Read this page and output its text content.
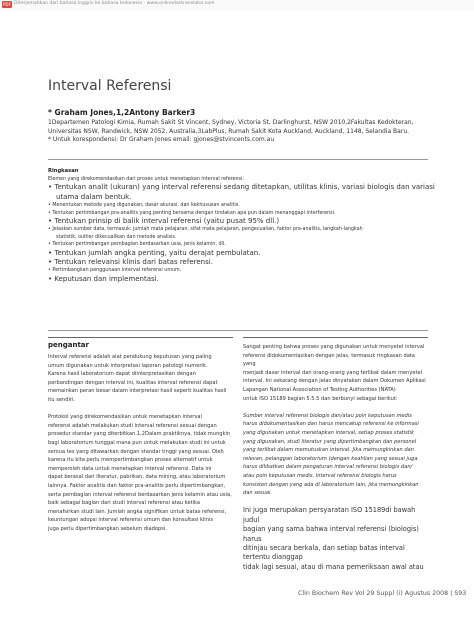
PDF Diterjemahkan dari bahasa Inggris ke bahasa Indonesia - www.onlinedoctranslator.com
Interval Referensi
* Graham Jones,1,2Antony Barker3

1Departemen Patologi Kimia, Rumah Sakit St Vincent, Sydney, Victoria St, Darlinghurst, NSW 2010,2Fakultas Kedokteran,

Universitas NSW, Randwick, NSW 2052, Australia,3LabPlus, Rumah Sakit Kota Auckland, Auckland, 1148, Selandia Baru.

* Untuk korespondensi: Dr Graham Jones email: gjones@stvincents.com.au

Ringkasan
Elemen yang direkomendasikan dari proses untuk menetapkan interval referensi:
• Tentukan analit (ukuran) yang interval referensi sedang ditetapkan, utilitas klinis, variasi biologis dan variasi
utama dalam bentuk.
• Menentukan metode yang digunakan, dasar akurasi, dan kekhususan analitis.
• Tentukan pertimbangan pra-analitis yang penting bersama dengan tindakan apa pun dalam menanggapi interferensi.
• Tentukan prinsip di balik interval referensi (yaitu pusat 95% dll.)
• Jelaskan sumber data, termasuk: jumlah mata pelajaran, sifat mata pelajaran, pengecualian, faktor pra-analitis, langkah-langkah
statistik, outlier dikecualikan dan metode analisis.
• Tentukan pertimbangan pembagian berdasarkan usia, jenis kelamin, dll.
• Tentukan jumlah angka penting, yaitu derajat pembulatan.
• Tentukan relevansi klinis dari batas referensi.
• Pertimbangkan penggunaan interval referensi umum.
• Keputusan dan implementasi.
pengantar

Interval referensi adalah alat pendukung keputusan yang paling

umum digunakan untuk interpretasi laporan patologi numerik.

Karena hasil laboratorium dapat diinterpretasikan dengan

perbandingan dengan interval ini, kualitas interval referensi dapat

memainkan peran besar dalam interpretasi hasil seperti kualitas hasil

itu sendiri.

Protokol yang direkomendasikan untuk menetapkan interval

referensi adalah melakukan studi interval referensi sesuai dengan

prosedur standar yang diterbitkan.1,2Dalam praktiknya, tidak mungkin

bagi laboratorium tunggal mana pun untuk melakukan studi ini untuk

semua tes yang ditawarkan dengan standar tinggi yang sesuai. Oleh

karena itu kita perlu mempertimbangkan proses alternatif untuk

memperoleh data untuk menetapkan interval referensi. Data ini

dapat berasal dari literatur, pabrikan, data mining, atau laboratorium

lainnya. Faktor analitis dan faktor pra-analitis perlu dipertimbangkan,

serta pembagian interval referensi berdasarkan jenis kelamin atau usia,

baik sebagai bagian dari studi interval referensi atau ketika

menafsirkan studi lain. Jumlah angka signifikan untuk batas referensi,

keuntungan adopsi interval referensi umum dan konsultasi klinis

juga perlu dipertimbangkan sebelum diadopsi.

Sangat penting bahwa proses yang digunakan untuk menyetel interval

referensi didokumentasikan dengan jelas, termasuk ringkasan data yang

menjadi dasar interval dan orang-orang yang terlibat dalam menyetel

interval. Ini sekarang dengan jelas dinyatakan dalam Dokumen Aplikasi

Lapangan National Association of Testing Authorities (NATA)

untuk ISO 15189 bagian 5.5.5 dan berbunyi sebagai berikut:

Sumber interval referensi biologis dan/atau poin keputusan medis

harus didokumentasikan dan harus mencakup referensi ke informasi

yang digunakan untuk menetapkan interval, setiap proses statistik

yang digunakan, studi literatur yang dipertimbangkan dan personel

yang terlibat dalam memutuskan interval. Jika memungkinkan dan

relevan, pelanggan laboratorium (dengan keahlian yang sesuai juga

harus dilibatkan dalam pengaturan interval referensi biologis dan/

atau poin keputusan medis. Interval referensi biologis harus

konsisten dengan yang ada di laboratorium lain, jika memungkinkan

dan sesuai.

Ini juga merupakan persyaratan ISO 15189di bawah judul

bagian yang sama bahwa interval referensi (biologis) harus

ditinjau secara berkala, dan setiap batas interval tertentu dianggap

tidak lagi sesuai, atau di mana pemeriksaan awal atau

Clin Biochem Rev Vol 29 Suppl (i) Agustus 2008 | S93
